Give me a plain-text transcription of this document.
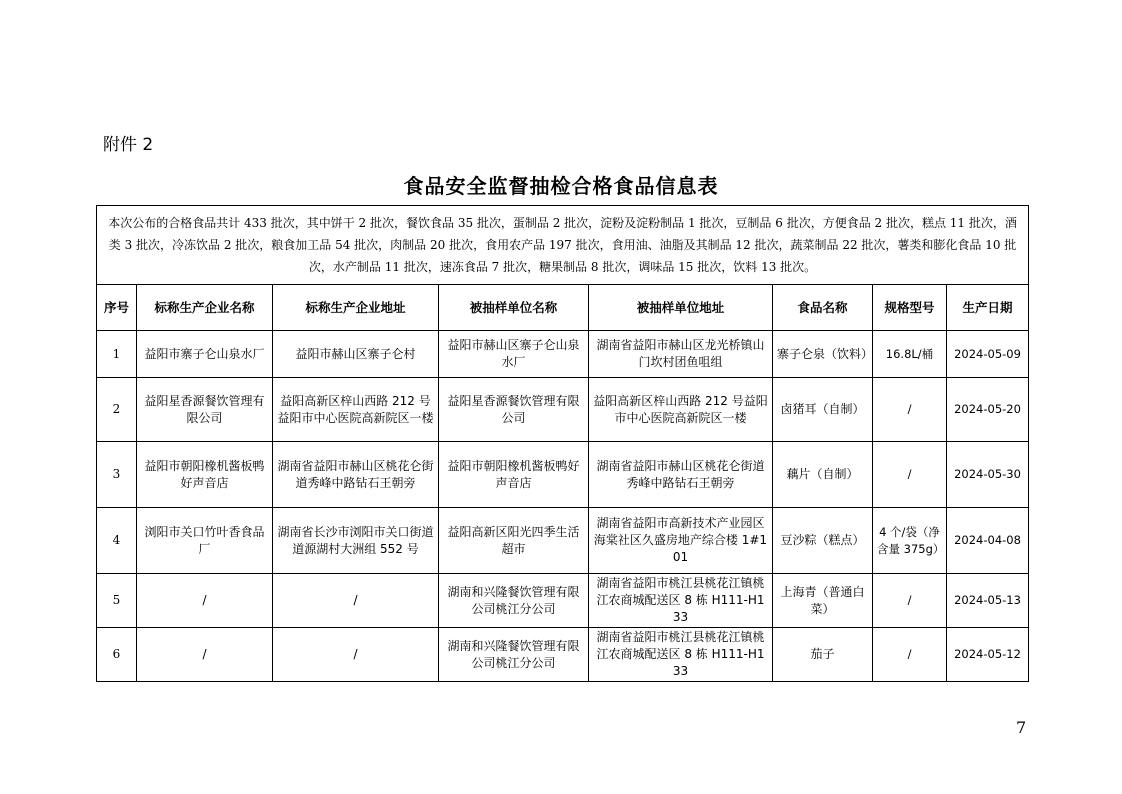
附件 2
食品安全监督抽检合格食品信息表
本次公布的合格食品共计 433 批次，其中饼干 2 批次，餐饮食品 35 批次，蛋制品 2 批次，淀粉及淀粉制品 1 批次，豆制品 6 批次，方便食品 2 批次，糕点 11 批次，酒类 3 批次，冷冻饮品 2 批次，粮食加工品 54 批次，肉制品 20 批次，食用农产品 197 批次，食用油、油脂及其制品 12 批次，蔬菜制品 22 批次，薯类和膨化食品 10 批次，水产制品 11 批次，速冻食品 7 批次，糖果制品 8 批次，调味品 15 批次，饮料 13 批次。							
序号	标称生产企业名称	标称生产企业地址	被抽样单位名称	被抽样单位地址	食品名称	规格型号	生产日期
1	益阳市寨子仑山泉水厂	益阳市赫山区寨子仑村	益阳市赫山区寨子仑山泉水厂	湖南省益阳市赫山区龙光桥镇山门坎村团鱼咀组	寨子仑泉（饮料）	16.8L/桶	2024-05-09
2	益阳星香源餐饮管理有限公司	益阳高新区梓山西路 212 号益阳市中心医院高新院区一楼	益阳星香源餐饮管理有限公司	益阳高新区梓山西路 212 号益阳市中心医院高新院区一楼	卤猪耳（自制）	/	2024-05-20
3	益阳市朝阳橡机酱板鸭好声音店	湖南省益阳市赫山区桃花仑街道秀峰中路钻石王朝旁	益阳市朝阳橡机酱板鸭好声音店	湖南省益阳市赫山区桃花仑街道秀峰中路钻石王朝旁	藕片（自制）	/	2024-05-30
4	浏阳市关口竹叶香食品厂	湖南省长沙市浏阳市关口街道道源湖村大洲组 552 号	益阳高新区阳光四季生活超市	湖南省益阳市高新技术产业园区海棠社区久盛房地产综合楼 1#101	豆沙粽（糕点）	4 个/袋（净含量 375g）	2024-04-08
5	/	/	湖南和兴隆餐饮管理有限公司桃江分公司	湖南省益阳市桃江县桃花江镇桃江农商城配送区 8 栋 H111-H133	上海青（普通白菜）	/	2024-05-13
6	/	/	湖南和兴隆餐饮管理有限公司桃江分公司	湖南省益阳市桃江县桃花江镇桃江农商城配送区 8 栋 H111-H133	茄子	/	2024-05-12
7
